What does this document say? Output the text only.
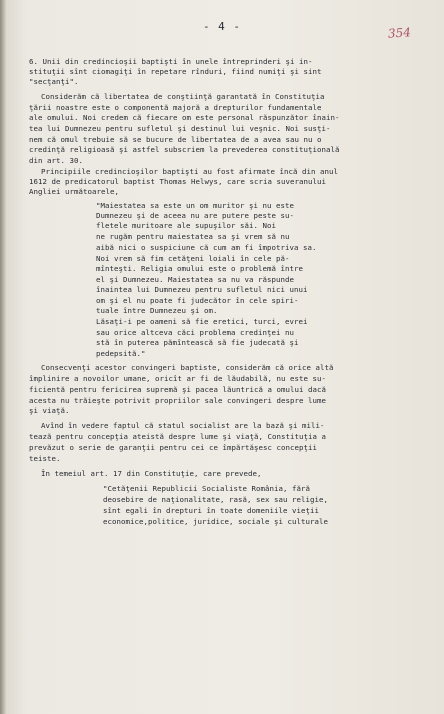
- 4 -	354
6. Unii din credincioşii baptişti în unele întreprinderi şi in-
stituţii sînt ciomagiţi în repetare rînduri, fiind numiţi şi sint
"secţanţi".
Considerăm că libertatea de conştiinţă garantată în Constituţia
ţării noastre este o componentă majoră a drepturilor fundamentale
ale omului. Noi credem că fiecare om este personal răspunzător înain-
tea lui Dumnezeu pentru sufletul şi destinul lui veşnic. Noi susţi-
nem că omul trebuie să se bucure de libertatea de a avea sau nu o
credinţă religioasă şi astfel subscriem la prevederea constituţională
din art. 30.
Principiile credincioşilor baptişti au fost afirmate încă din anul
1612 de predicatorul baptist Thomas Helwys, care scria suveranului
Angliei următoarele,
"Maiestatea sa este un om muritor şi nu este
Dumnezeu şi de aceea nu are putere peste su-
fletele muritoare ale supuşilor săi. Noi
ne rugăm pentru maiestatea sa şi vrem să nu
aibă nici o suspiciune că cum am fi împotriva sa.
Noi vrem să fim cetăţeni loiali în cele pă-
mînteşti. Religia omului este o problemă între
el şi Dumnezeu. Maiestatea sa nu va răspunde
înaintea lui Dumnezeu pentru sufletul nici unui
om şi el nu poate fi judecător în cele spiri-
tuale între Dumnezeu şi om.
Lăsaţi-i pe oameni să fie eretici, turci, evrei
sau orice altceva căci problema credinţei nu
stă în puterea pămîntească să fie judecată şi
pedepsită."
Consecvenţi acestor convingeri baptiste, considerăm că orice altă
împlinire a novoilor umane, oricît ar fi de lăudabilă, nu este su-
ficientă pentru fericirea supremă şi pacea lăuntrică a omului dacă
acesta nu trăieşte potrivit propriilor sale convingeri despre lume
şi viaţă.
Avînd în vedere faptul că statul socialist are la bază şi mili-
tează pentru concepţia ateistă despre lume şi viaţă, Constituţia a
prevăzut o serie de garanţii pentru cei ce împărtăşesc concepţii
teiste.
În temeiul art. 17 din Constituţie, care prevede,
"Cetăţenii Republicii Socialiste România, fără
deosebire de naţionalitate, rasă, sex sau religie,
sînt egali în drepturi în toate domeniile vieţii
economice,politice, juridice, sociale şi culturale
